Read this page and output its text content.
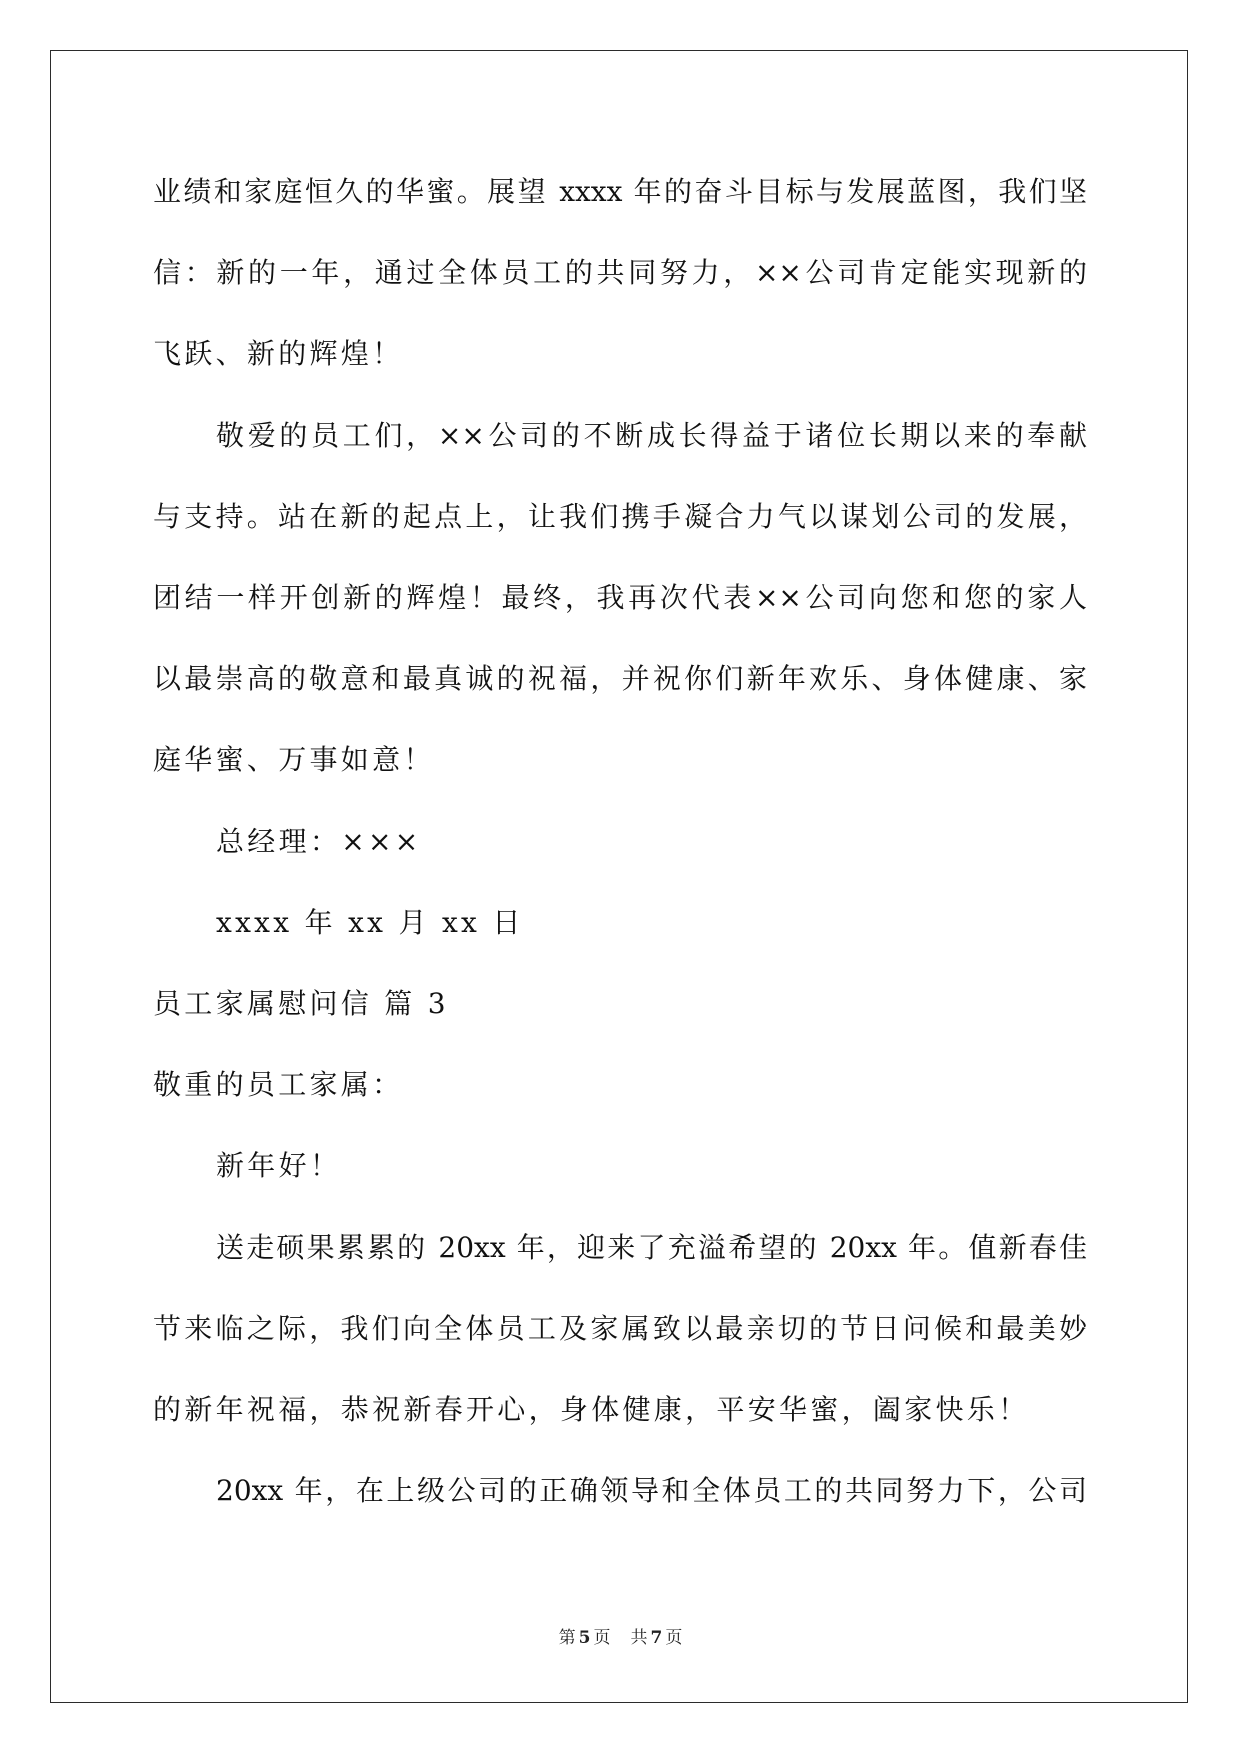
业绩和家庭恒久的华蜜。展望 xxxx 年的奋斗目标与发展蓝图，我们坚
信：新的一年，通过全体员工的共同努力，××公司肯定能实现新的
飞跃、新的辉煌！
敬爱的员工们，××公司的不断成长得益于诸位长期以来的奉献
与支持。站在新的起点上，让我们携手凝合力气以谋划公司的发展，
团结一样开创新的辉煌！最终，我再次代表××公司向您和您的家人
以最崇高的敬意和最真诚的祝福，并祝你们新年欢乐、身体健康、家
庭华蜜、万事如意！
总经理：×××
xxxx 年 xx 月 xx 日
员工家属慰问信 篇 3
敬重的员工家属：
新年好！
送走硕果累累的 20xx 年，迎来了充溢希望的 20xx 年。值新春佳
节来临之际，我们向全体员工及家属致以最亲切的节日问候和最美妙
的新年祝福，恭祝新春开心，身体健康，平安华蜜，阖家快乐！
20xx 年，在上级公司的正确领导和全体员工的共同努力下，公司
第 5 页 共 7 页
